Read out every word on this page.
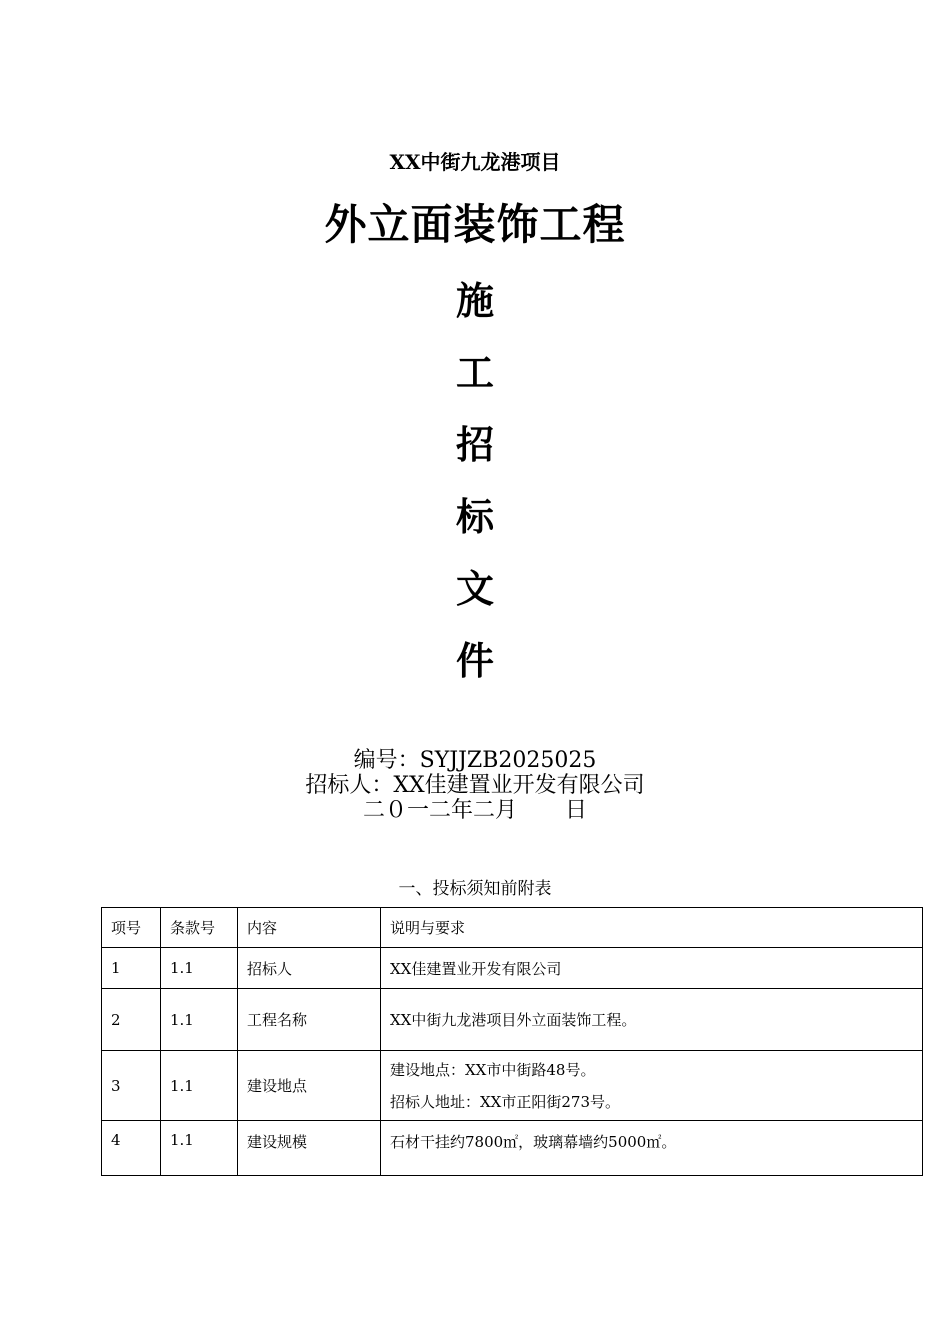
XX中街九龙港项目
外立面装饰工程
施
工
招
标
文
件
编号：SYJJZB2025025
招标人：XX佳建置业开发有限公司
二０一二年二月 日
一、投标须知前附表
项号	条款号	内容	说明与要求
1	1.1	招标人	XX佳建置业开发有限公司
2	1.1	工程名称	XX中街九龙港项目外立面装饰工程。
3	1.1	建设地点	建设地点：XX市中街路48号。
招标人地址：XX市正阳街273号。

4	1.1	建设规模	石材干挂约7800㎡，玻璃幕墙约5000㎡。
